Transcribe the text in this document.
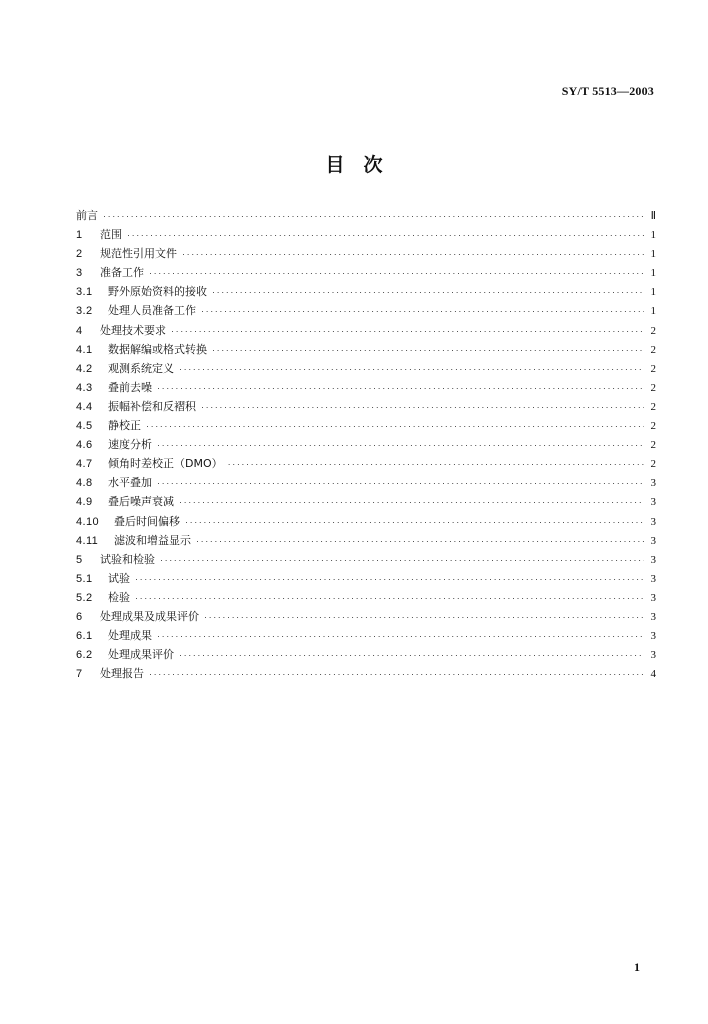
SY/T 5513—2003
目　次
前言 ·····	Ⅱ
1	范围 ·····	1
2	规范性引用文件 ·····	1
3	准备工作 ·····	1
3.1	野外原始资料的接收 ·····	1
3.2	处理人员准备工作 ·····	1
4	处理技术要求 ·····	2
4.1	数据解编或格式转换 ·····	2
4.2	观测系统定义 ·····	2
4.3	叠前去噪 ·····	2
4.4	振幅补偿和反褶积 ·····	2
4.5	静校正 ·····	2
4.6	速度分析 ·····	2
4.7	倾角时差校正（DMO） ·····	2
4.8	水平叠加 ·····	3
4.9	叠后噪声衰减 ·····	3
4.10	叠后时间偏移 ·····	3
4.11	滤波和增益显示 ·····	3
5	试验和检验 ·····	3
5.1	试验 ·····	3
5.2	检验 ·····	3
6	处理成果及成果评价 ·····	3
6.1	处理成果 ·····	3
6.2	处理成果评价 ·····	3
7	处理报告 ·····	4
1
